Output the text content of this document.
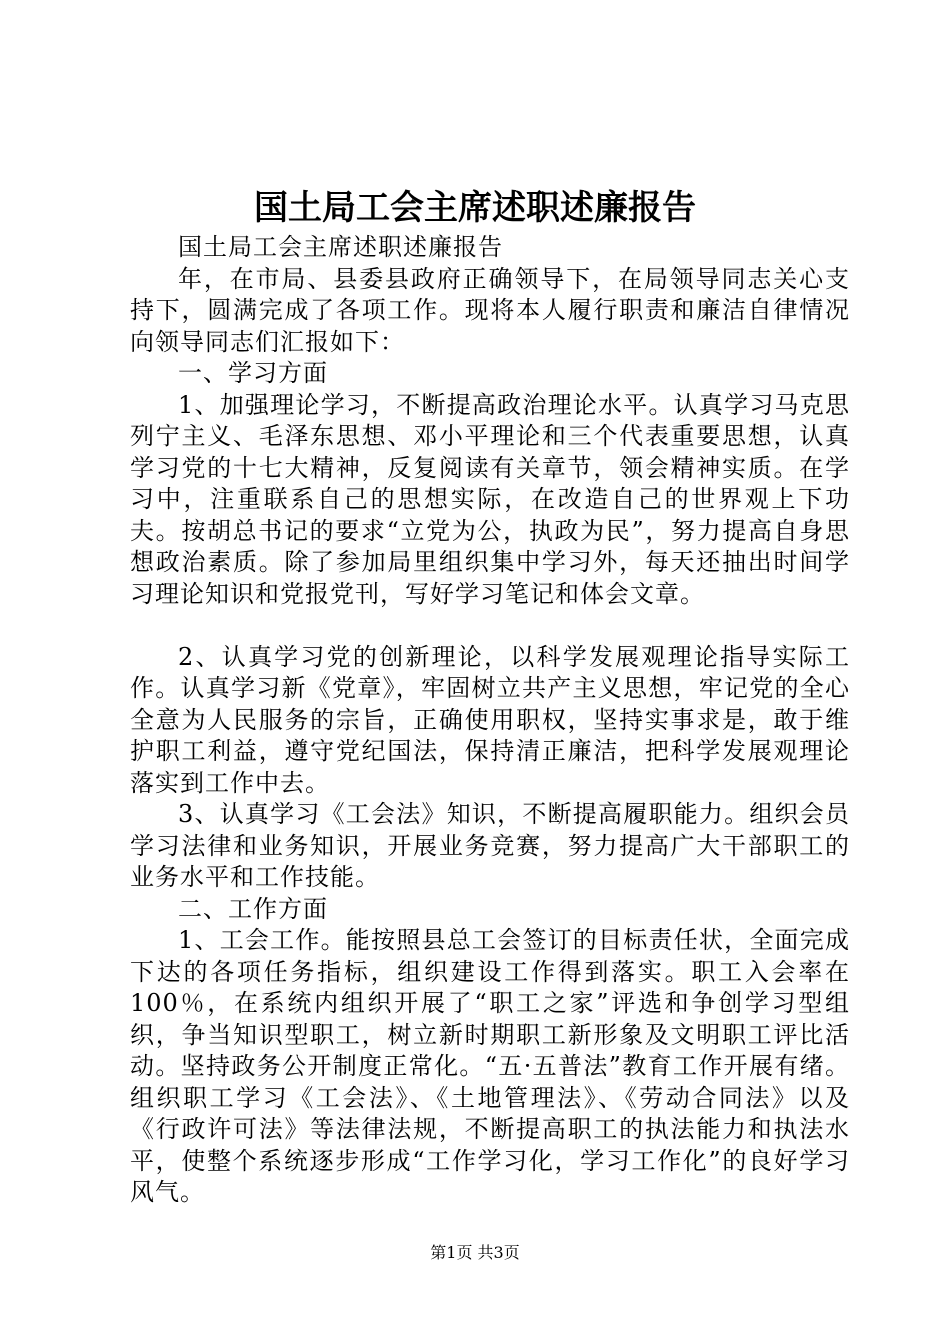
国土局工会主席述职述廉报告

国土局工会主席述职述廉报告

年，在市局、县委县政府正确领导下，在局领导同志关心支持下，圆满完成了各项工作。现将本人履行职责和廉洁自律情况向领导同志们汇报如下：

一、学习方面

1、加强理论学习，不断提高政治理论水平。认真学习马克思列宁主义、毛泽东思想、邓小平理论和三个代表重要思想，认真学习党的十七大精神，反复阅读有关章节，领会精神实质。在学习中，注重联系自己的思想实际，在改造自己的世界观上下功夫。按胡总书记的要求“立党为公，执政为民”，努力提高自身思想政治素质。除了参加局里组织集中学习外，每天还抽出时间学习理论知识和党报党刊，写好学习笔记和体会文章。

2、认真学习党的创新理论，以科学发展观理论指导实际工作。认真学习新《党章》，牢固树立共产主义思想，牢记党的全心全意为人民服务的宗旨，正确使用职权，坚持实事求是，敢于维护职工利益，遵守党纪国法，保持清正廉洁，把科学发展观理论落实到工作中去。

3、认真学习《工会法》知识，不断提高履职能力。组织会员学习法律和业务知识，开展业务竞赛，努力提高广大干部职工的业务水平和工作技能。

二、工作方面

1、工会工作。能按照县总工会签订的目标责任状，全面完成下达的各项任务指标，组织建设工作得到落实。职工入会率在100％，在系统内组织开展了“职工之家”评选和争创学习型组织，争当知识型职工，树立新时期职工新形象及文明职工评比活动。坚持政务公开制度正常化。“五·五普法”教育工作开展有绪。组织职工学习《工会法》、《土地管理法》、《劳动合同法》以及《行政许可法》等法律法规，不断提高职工的执法能力和执法水平，使整个系统逐步形成“工作学习化，学习工作化”的良好学习风气。

第1页 共3页
